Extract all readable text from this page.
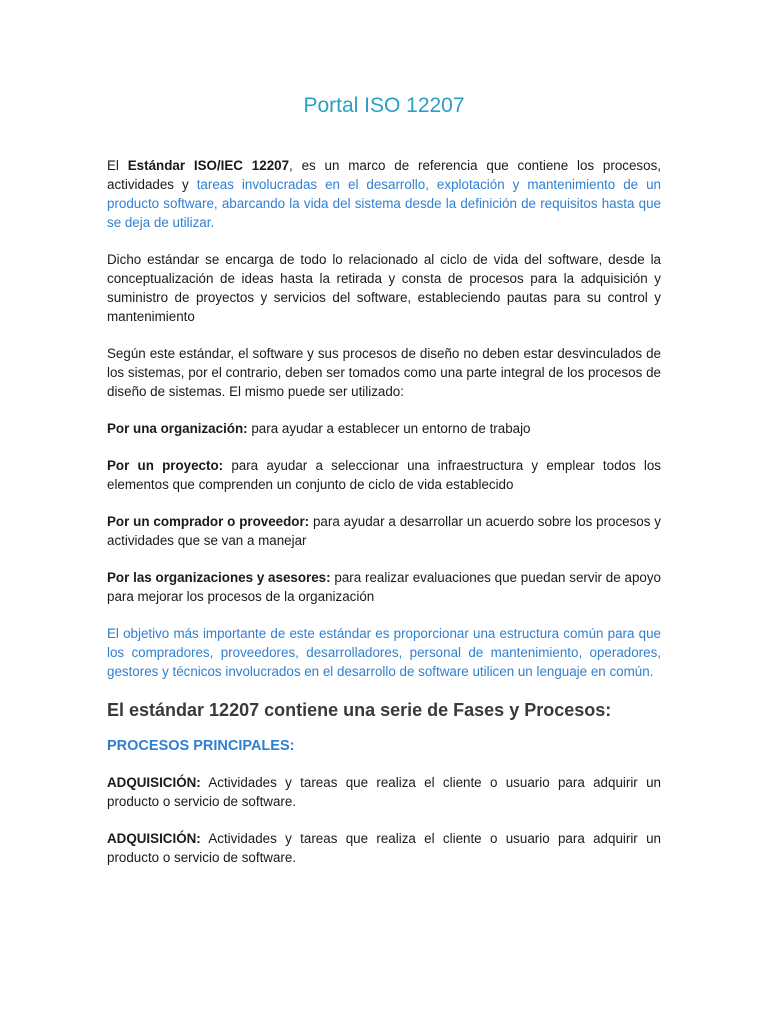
Portal ISO 12207

El Estándar ISO/IEC 12207, es un marco de referencia que contiene los procesos, actividades y tareas involucradas en el desarrollo, explotación y mantenimiento de un producto software, abarcando la vida del sistema desde la definición de requisitos hasta que se deja de utilizar.

Dicho estándar se encarga de todo lo relacionado al ciclo de vida del software, desde la conceptualización de ideas hasta la retirada y consta de procesos para la adquisición y suministro de proyectos y servicios del software, estableciendo pautas para su control y mantenimiento

Según este estándar, el software y sus procesos de diseño no deben estar desvinculados de los sistemas, por el contrario, deben ser tomados como una parte integral de los procesos de diseño de sistemas. El mismo puede ser utilizado:

Por una organización: para ayudar a establecer un entorno de trabajo

Por un proyecto: para ayudar a seleccionar una infraestructura y emplear todos los elementos que comprenden un conjunto de ciclo de vida establecido

Por un comprador o proveedor: para ayudar a desarrollar un acuerdo sobre los procesos y actividades que se van a manejar

Por las organizaciones y asesores: para realizar evaluaciones que puedan servir de apoyo para mejorar los procesos de la organización

El objetivo más importante de este estándar es proporcionar una estructura común para que los compradores, proveedores, desarrolladores, personal de mantenimiento, operadores, gestores y técnicos involucrados en el desarrollo de software utilicen un lenguaje en común.

El estándar 12207 contiene una serie de Fases y Procesos:
PROCESOS PRINCIPALES:

ADQUISICIÓN: Actividades y tareas que realiza el cliente o usuario para adquirir un producto o servicio de software.

ADQUISICIÓN: Actividades y tareas que realiza el cliente o usuario para adquirir un producto o servicio de software.
